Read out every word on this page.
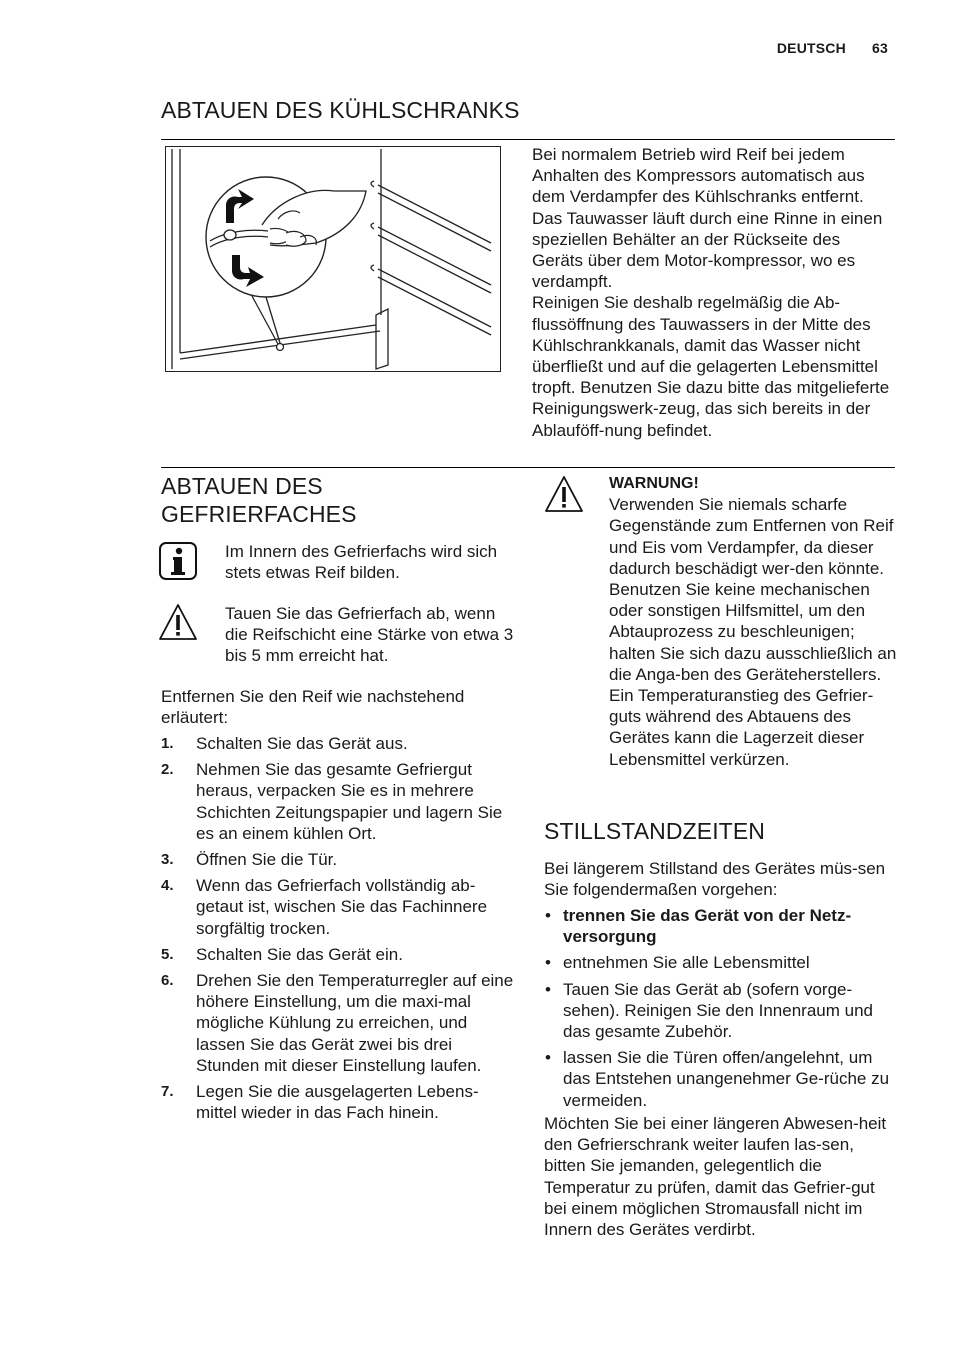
DEUTSCH 63
ABTAUEN DES KÜHLSCHRANKS

Bei normalem Betrieb wird Reif bei jedem Anhalten des Kompressors automatisch aus dem Verdampfer des Kühlschranks entfernt. Das Tauwasser läuft durch eine Rinne in einen speziellen Behälter an der Rückseite des Geräts über dem Motor-kompressor, wo es verdampft.

Reinigen Sie deshalb regelmäßig die Ab-flussöffnung des Tauwassers in der Mitte des Kühlschrankkanals, damit das Wasser nicht überfließt und auf die gelagerten Lebensmittel tropft. Benutzen Sie dazu bitte das mitgelieferte Reinigungswerk-zeug, das sich bereits in der Ablauföff-nung befindet.

ABTAUEN DES
GEFRIERFACHES
Im Innern des Gefrierfachs wird sich stets etwas Reif bilden.
Tauen Sie das Gefrierfach ab, wenn die Reifschicht eine Stärke von etwa 3 bis 5 mm erreicht hat.
Entfernen Sie den Reif wie nachstehend erläutert:
1. Schalten Sie das Gerät aus.
2. Nehmen Sie das gesamte Gefriergut heraus, verpacken Sie es in mehrere Schichten Zeitungspapier und lagern Sie es an einem kühlen Ort.
3. Öffnen Sie die Tür.
4. Wenn das Gefrierfach vollständig ab-getaut ist, wischen Sie das Fachinnere sorgfältig trocken.
5. Schalten Sie das Gerät ein.
6. Drehen Sie den Temperaturregler auf eine höhere Einstellung, um die maxi-mal mögliche Kühlung zu erreichen, und lassen Sie das Gerät zwei bis drei Stunden mit dieser Einstellung laufen.
7. Legen Sie die ausgelagerten Lebens-mittel wieder in das Fach hinein.
WARNUNG!
Verwenden Sie niemals scharfe Gegenstände zum Entfernen von Reif und Eis vom Verdampfer, da dieser dadurch beschädigt wer-den könnte. Benutzen Sie keine mechanischen oder sonstigen Hilfsmittel, um den Abtauprozess zu beschleunigen; halten Sie sich dazu ausschließlich an die Anga-ben des Geräteherstellers. Ein Temperaturanstieg des Gefrier-guts während des Abtauens des Gerätes kann die Lagerzeit dieser Lebensmittel verkürzen.
STILLSTANDZEITEN
Bei längerem Stillstand des Gerätes müs-sen Sie folgendermaßen vorgehen:
• trennen Sie das Gerät von der Netz-versorgung
• entnehmen Sie alle Lebensmittel
• Tauen Sie das Gerät ab (sofern vorge-sehen). Reinigen Sie den Innenraum und das gesamte Zubehör.
• lassen Sie die Türen offen/angelehnt, um das Entstehen unangenehmer Ge-rüche zu vermeiden.
Möchten Sie bei einer längeren Abwesen-heit den Gefrierschrank weiter laufen las-sen, bitten Sie jemanden, gelegentlich die Temperatur zu prüfen, damit das Gefrier-gut bei einem möglichen Stromausfall nicht im Innern des Gerätes verdirbt.
